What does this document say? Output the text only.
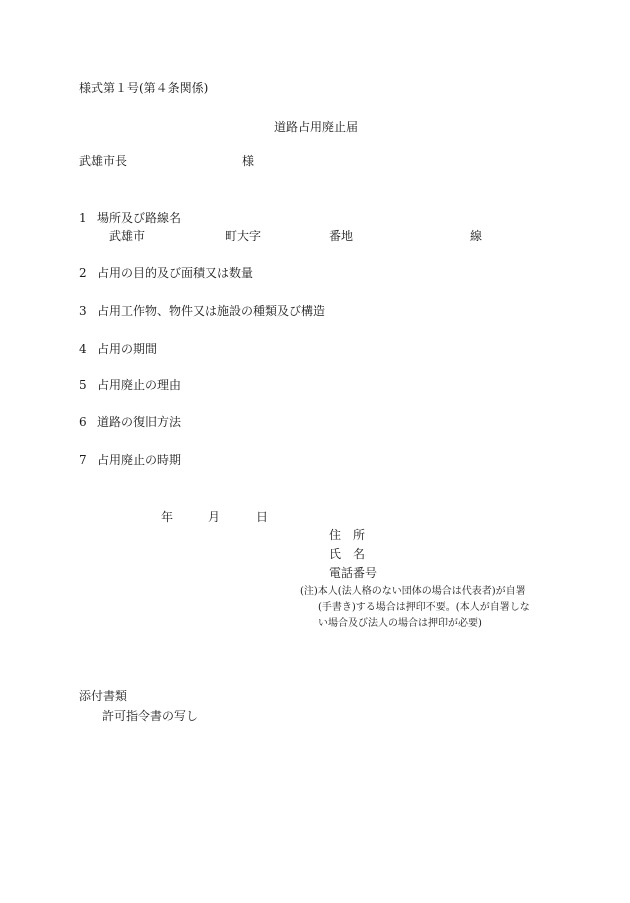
様式第１号(第４条関係)
道路占用廃止届
武雄市長	様
1 場所及び路線名
武雄市	町大字	番地	線
2 占用の目的及び面積又は数量
3 占用工作物、物件又は施設の種類及び構造
4 占用の期間
5 占用廃止の理由
6 道路の復旧方法
7 占用廃止の時期
年	月	日
住　所
氏　名
電話番号
(注)本人(法人格のない団体の場合は代表者)が自署
(手書き)する場合は押印不要。(本人が自署しな
い場合及び法人の場合は押印が必要)
添付書類
許可指令書の写し
